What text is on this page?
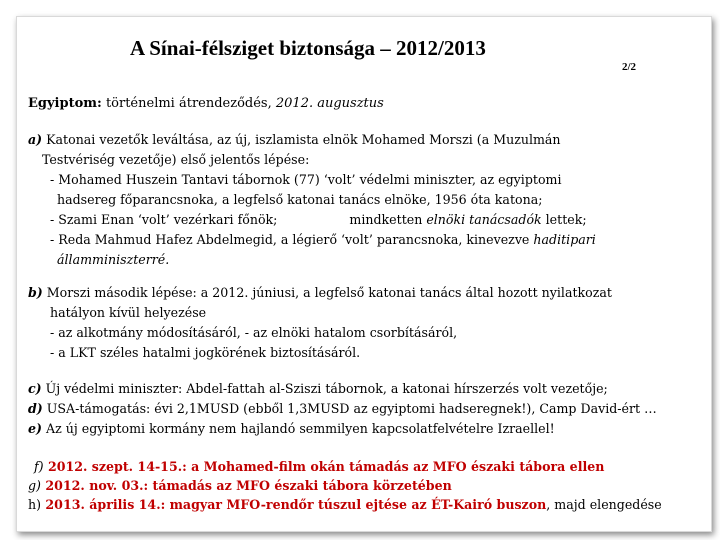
A Sínai-félsziget biztonsága – 2012/2013
2/2
Egyiptom: történelmi átrendeződés, 2012. augusztus
a) Katonai vezetők leváltása, az új, iszlamista elnök Mohamed Morszi (a Muzulmán
Testvériség vezetője) első jelentős lépése:
- Mohamed Huszein Tantavi tábornok (77) ‘volt’ védelmi miniszter, az egyiptomi
hadsereg főparancsnoka, a legfelső katonai tanács elnöke, 1956 óta katona;
- Szami Enan ‘volt’ vezérkari főnök;	mindketten elnöki tanácsadók lettek;
- Reda Mahmud Hafez Abdelmegid, a légierő ‘volt’ parancsnoka, kinevezve haditipari
államminiszterré.
b) Morszi második lépése: a 2012. júniusi, a legfelső katonai tanács által hozott nyilatkozat
hatályon kívül helyezése
- az alkotmány módosításáról, - az elnöki hatalom csorbításáról,
- a LKT széles hatalmi jogkörének biztosításáról.
c) Új védelmi miniszter: Abdel-fattah al-Sziszi tábornok, a katonai hírszerzés volt vezetője;
d) USA-támogatás: évi 2,1MUSD (ebből 1,3MUSD az egyiptomi hadseregnek!), Camp David-ért …
e) Az új egyiptomi kormány nem hajlandó semmilyen kapcsolatfelvételre Izraellel!
f) 2012. szept. 14-15.: a Mohamed-film okán támadás az MFO északi tábora ellen
g) 2012. nov. 03.: támadás az MFO északi tábora körzetében
h) 2013. április 14.: magyar MFO-rendőr túszul ejtése az ÉT-Kairó buszon, majd elengedése
